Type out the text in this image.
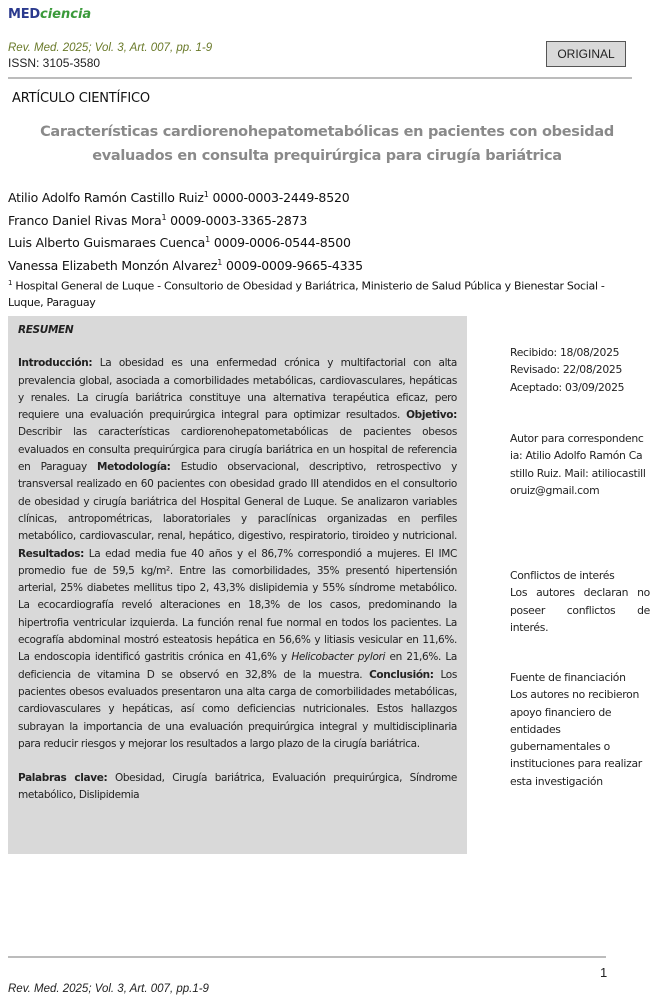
MEDciencia
Rev. Med. 2025; Vol. 3, Art. 007, pp. 1-9
ISSN: 3105-3580
ORIGINAL
ARTÍCULO CIENTÍFICO
Características cardiorenohepatometabólicas en pacientes con obesidad
evaluados en consulta prequirúrgica para cirugía bariátrica
Atilio Adolfo Ramón Castillo Ruiz$^1$ 0000-0003-2449-8520
Franco Daniel Rivas Mora$^1$ 0009-0003-3365-2873
Luis Alberto Guismaraes Cuenca$^1$ 0009-0006-0544-8500
Vanessa Elizabeth Monzón Alvarez$^1$ 0009-0009-9665-4335
$^1$ Hospital General de Luque - Consultorio de Obesidad y Bariátrica, Ministerio de Salud Pública y Bienestar Social - Luque, Paraguay
RESUMEN

Introducción: La obesidad es una enfermedad crónica y multifactorial con alta prevalencia global, asociada a comorbilidades metabólicas, cardiovasculares, hepáticas y renales. La cirugía bariátrica constituye una alternativa terapéutica eficaz, pero requiere una evaluación prequirúrgica integral para optimizar resultados. Objetivo: Describir las características cardiorenohepatometabólicas de pacientes obesos evaluados en consulta prequirúrgica para cirugía bariátrica en un hospital de referencia en Paraguay Metodología: Estudio observacional, descriptivo, retrospectivo y transversal realizado en 60 pacientes con obesidad grado III atendidos en el consultorio de obesidad y cirugía bariátrica del Hospital General de Luque. Se analizaron variables clínicas, antropométricas, laboratoriales y paraclínicas organizadas en perfiles metabólico, cardiovascular, renal, hepático, digestivo, respiratorio, tiroideo y nutricional. Resultados: La edad media fue 40 años y el 86,7% correspondió a mujeres. El IMC promedio fue de 59,5 kg/m². Entre las comorbilidades, 35% presentó hipertensión arterial, 25% diabetes mellitus tipo 2, 43,3% dislipidemia y 55% síndrome metabólico. La ecocardiografía reveló alteraciones en 18,3% de los casos, predominando la hipertrofia ventricular izquierda. La función renal fue normal en todos los pacientes. La ecografía abdominal mostró esteatosis hepática en 56,6% y litiasis vesicular en 11,6%. La endoscopia identificó gastritis crónica en 41,6% y Helicobacter pylori en 21,6%. La deficiencia de vitamina D se observó en 32,8% de la muestra. Conclusión: Los pacientes obesos evaluados presentaron una alta carga de comorbilidades metabólicas, cardiovasculares y hepáticas, así como deficiencias nutricionales. Estos hallazgos subrayan la importancia de una evaluación prequirúrgica integral y multidisciplinaria para reducir riesgos y mejorar los resultados a largo plazo de la cirugía bariátrica.

Palabras clave: Obesidad, Cirugía bariátrica, Evaluación prequirúrgica, Síndrome metabólico, Dislipidemia

Recibido: 18/08/2025

Revisado: 22/08/2025

Aceptado: 03/09/2025

Autor para correspondencia: Atilio Adolfo Ramón Castillo Ruiz. Mail: atiliocastilloruiz@gmail.com

Conflictos de interés

Los autores declaran no poseer conflictos de interés.

Fuente de financiación

Los autores no recibieron apoyo financiero de entidades gubernamentales o instituciones para realizar esta investigación

1
Rev. Med. 2025; Vol. 3, Art. 007, pp.1-9
